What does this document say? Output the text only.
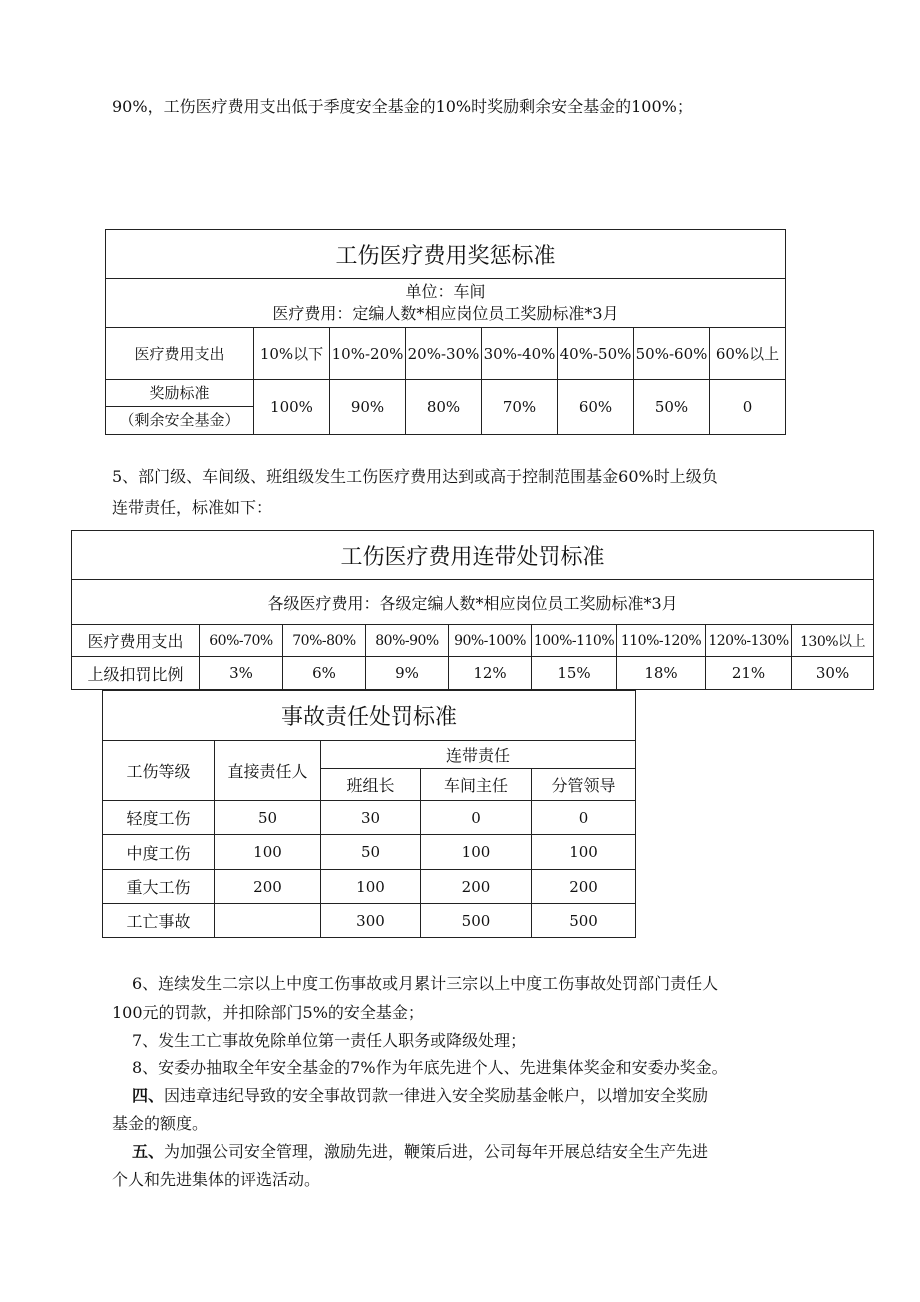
90%，工伤医疗费用支出低于季度安全基金的10%时奖励剩余安全基金的100%；
工伤医疗费用奖惩标准							

单位：车间
医疗费用：定编人数*相应岗位员工奖励标准*3月							

医疗费用支出	10%以下	10%-20%	20%-30%	30%-40%	40%-50%	50%-60%	60%以上

奖励标准
（剩余安全基金）	100%	90%	80%	70%	60%	50%	0
5、部门级、车间级、班组级发生工伤医疗费用达到或高于控制范围基金60%时上级负
连带责任，标准如下：
工伤医疗费用连带处罚标准								
各级医疗费用：各级定编人数*相应岗位员工奖励标准*3月								
医疗费用支出	60%-70%	70%-80%	80%-90%	90%-100%	100%-110%	110%-120%	120%-130%	130%以上
上级扣罚比例	3%	6%	9%	12%	15%	18%	21%	30%
事故责任处罚标准				
工伤等级	直接责任人	连带责任		
		班组长	车间主任	分管领导
轻度工伤	50	30	0	0
中度工伤	100	50	100	100
重大工伤	200	100	200	200
工亡事故		300	500	500
6、连续发生二宗以上中度工伤事故或月累计三宗以上中度工伤事故处罚部门责任人
100元的罚款，并扣除部门5%的安全基金；
7、发生工亡事故免除单位第一责任人职务或降级处理；
8、安委办抽取全年安全基金的7%作为年底先进个人、先进集体奖金和安委办奖金。
四、因违章违纪导致的安全事故罚款一律进入安全奖励基金帐户，以增加安全奖励
基金的额度。
五、为加强公司安全管理，激励先进，鞭策后进，公司每年开展总结安全生产先进
个人和先进集体的评选活动。
